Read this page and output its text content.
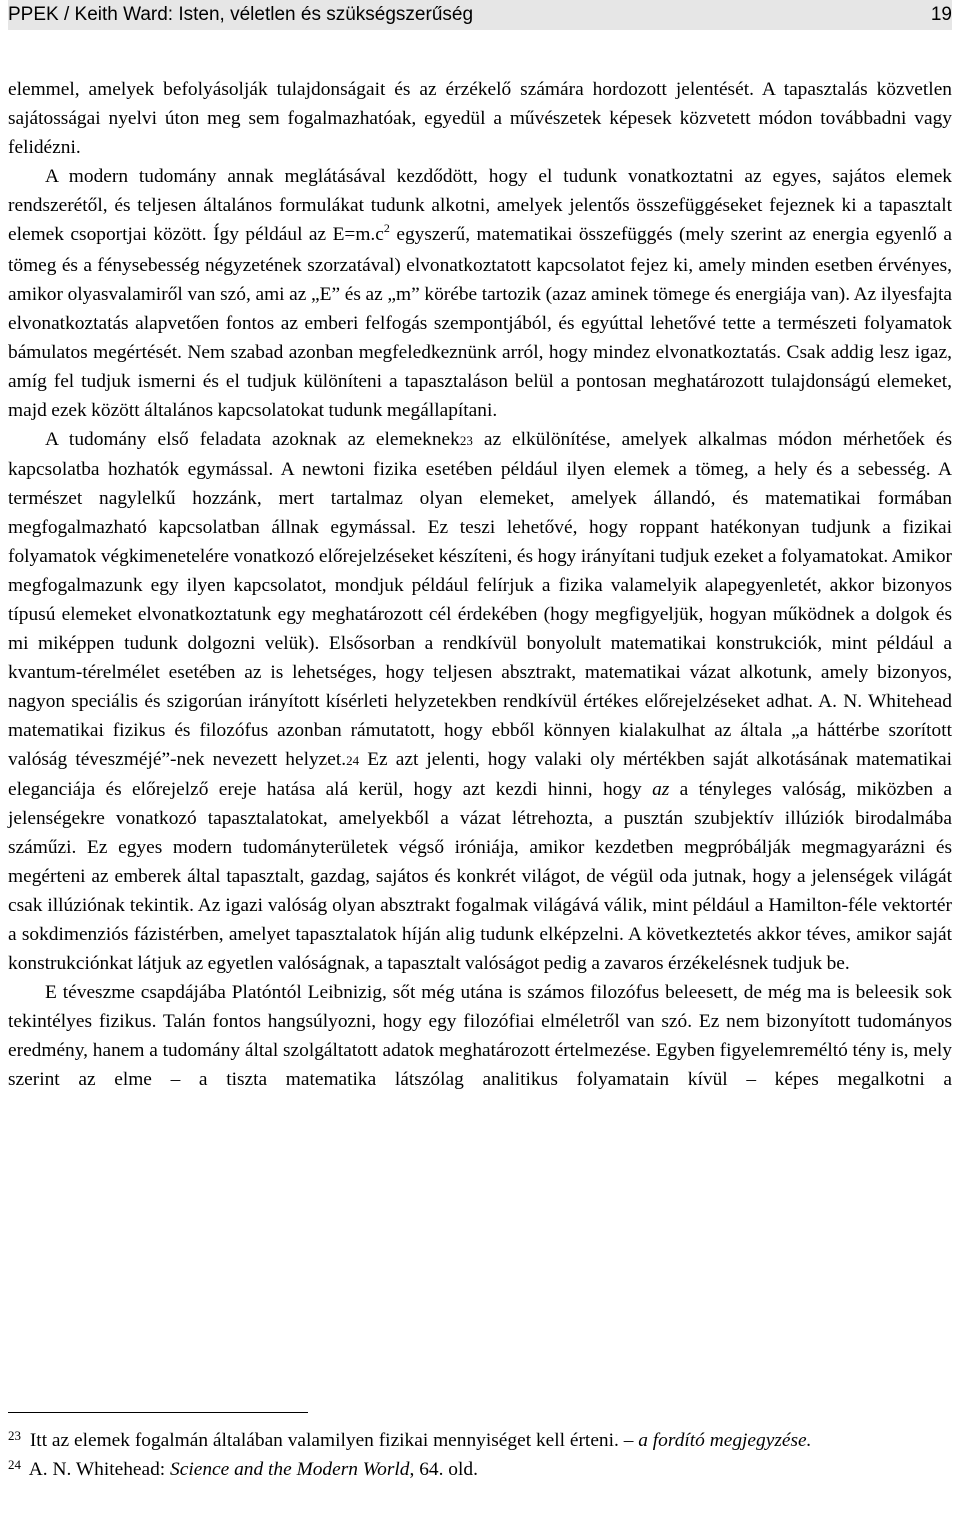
PPEK / Keith Ward: Isten, véletlen és szükségszerűség	19

elemmel, amelyek befolyásolják tulajdonságait és az érzékelő számára hordozott jelentését. A tapasztalás közvetlen sajátosságai nyelvi úton meg sem fogalmazhatóak, egyedül a művészetek képesek közvetett módon továbbadni vagy felidézni.

A modern tudomány annak meglátásával kezdődött, hogy el tudunk vonatkoztatni az egyes, sajátos elemek rendszerétől, és teljesen általános formulákat tudunk alkotni, amelyek jelentős összefüggéseket fejeznek ki a tapasztalt elemek csoportjai között. Így például az $E=m.c^2$ egyszerű, matematikai összefüggés (mely szerint az energia egyenlő a tömeg és a fénysebesség négyzetének szorzatával) elvonatkoztatott kapcsolatot fejez ki, amely minden esetben érvényes, amikor olyasvalamiről van szó, ami az „E” és az „m” körébe tartozik (azaz aminek tömege és energiája van). Az ilyesfajta elvonatkoztatás alapvetően fontos az emberi felfogás szempontjából, és egyúttal lehetővé tette a természeti folyamatok bámulatos megértését. Nem szabad azonban megfeledkeznünk arról, hogy mindez elvonatkoztatás. Csak addig lesz igaz, amíg fel tudjuk ismerni és el tudjuk különíteni a tapasztaláson belül a pontosan meghatározott tulajdonságú elemeket, majd ezek között általános kapcsolatokat tudunk megállapítani.

A tudomány első feladata azoknak az elemeknek23 az elkülönítése, amelyek alkalmas módon mérhetőek és kapcsolatba hozhatók egymással. A newtoni fizika esetében például ilyen elemek a tömeg, a hely és a sebesség. A természet nagylelkű hozzánk, mert tartalmaz olyan elemeket, amelyek állandó, és matematikai formában megfogalmazható kapcsolatban állnak egymással. Ez teszi lehetővé, hogy roppant hatékonyan tudjunk a fizikai folyamatok végkimenetelére vonatkozó előrejelzéseket készíteni, és hogy irányítani tudjuk ezeket a folyamatokat. Amikor megfogalmazunk egy ilyen kapcsolatot, mondjuk például felírjuk a fizika valamelyik alapegyenletét, akkor bizonyos típusú elemeket elvonatkoztatunk egy meghatározott cél érdekében (hogy megfigyeljük, hogyan működnek a dolgok és mi miképpen tudunk dolgozni velük). Elsősorban a rendkívül bonyolult matematikai konstrukciók, mint például a kvantum-térelmélet esetében az is lehetséges, hogy teljesen absztrakt, matematikai vázat alkotunk, amely bizonyos, nagyon speciális és szigorúan irányított kísérleti helyzetekben rendkívül értékes előrejelzéseket adhat. A. N. Whitehead matematikai fizikus és filozófus azonban rámutatott, hogy ebből könnyen kialakulhat az általa „a háttérbe szorított valóság téveszméjé”-nek nevezett helyzet.24 Ez azt jelenti, hogy valaki oly mértékben saját alkotásának matematikai eleganciája és előrejelző ereje hatása alá kerül, hogy azt kezdi hinni, hogy az a tényleges valóság, miközben a jelenségekre vonatkozó tapasztalatokat, amelyekből a vázat létrehozta, a pusztán szubjektív illúziók birodalmába száműzi. Ez egyes modern tudományterületek végső iróniája, amikor kezdetben megpróbálják megmagyarázni és megérteni az emberek által tapasztalt, gazdag, sajátos és konkrét világot, de végül oda jutnak, hogy a jelenségek világát csak illúziónak tekintik. Az igazi valóság olyan absztrakt fogalmak világává válik, mint például a Hamilton-féle vektortér a sokdimenziós fázistérben, amelyet tapasztalatok híján alig tudunk elképzelni. A következtetés akkor téves, amikor saját konstrukciónkat látjuk az egyetlen valóságnak, a tapasztalt valóságot pedig a zavaros érzékelésnek tudjuk be.

E téveszme csapdájába Platóntól Leibnizig, sőt még utána is számos filozófus beleesett, de még ma is beleesik sok tekintélyes fizikus. Talán fontos hangsúlyozni, hogy egy filozófiai elméletről van szó. Ez nem bizonyított tudományos eredmény, hanem a tudomány által szolgáltatott adatok meghatározott értelmezése. Egyben figyelemreméltó tény is, mely szerint az elme – a tiszta matematika látszólag analitikus folyamatain kívül – képes megalkotni a

$^{23}$ Itt az elemek fogalmán általában valamilyen fizikai mennyiséget kell érteni. – a fordító megjegyzése.

$^{24}$ A. N. Whitehead: Science and the Modern World, 64. old.
